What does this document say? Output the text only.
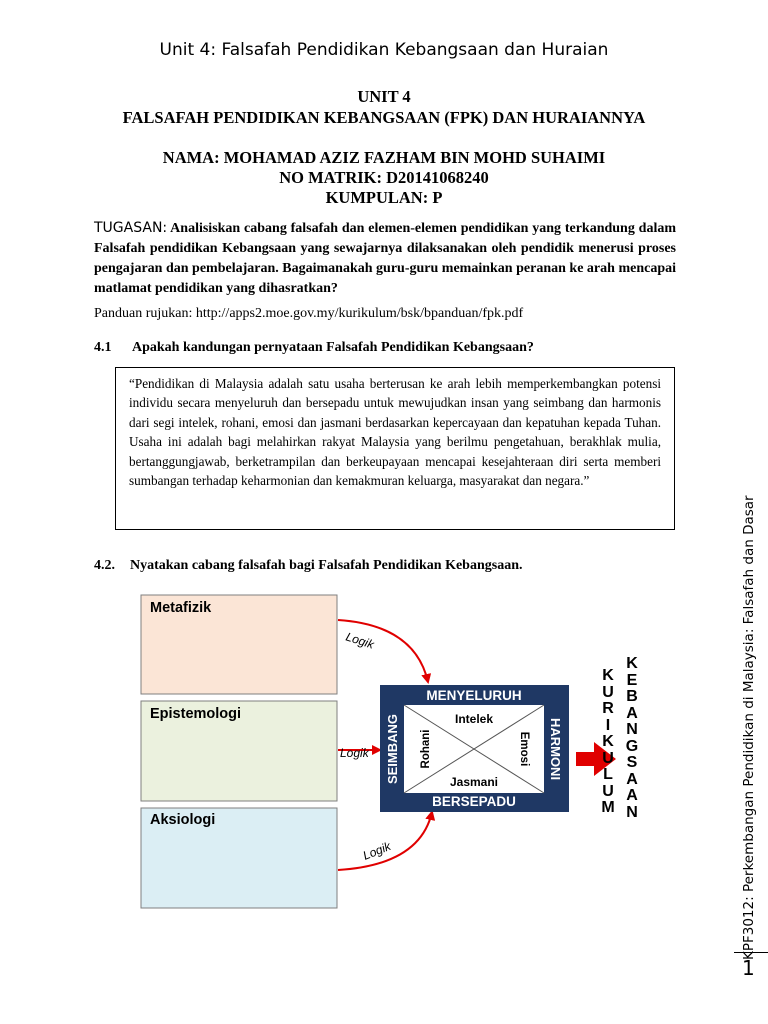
Unit 4: Falsafah Pendidikan Kebangsaan dan Huraian
UNIT 4
FALSAFAH PENDIDIKAN KEBANGSAAN (FPK) DAN HURAIANNYA
NAMA: MOHAMAD AZIZ FAZHAM BIN MOHD SUHAIMI
NO MATRIK: D20141068240
KUMPULAN: P
TUGASAN: Analisiskan cabang falsafah dan elemen-elemen pendidikan yang terkandung dalam Falsafah pendidikan Kebangsaan yang sewajarnya dilaksanakan oleh pendidik menerusi proses pengajaran dan pembelajaran. Bagaimanakah guru-guru memainkan peranan ke arah mencapai matlamat pendidikan yang dihasratkan?
Panduan rujukan: http://apps2.moe.gov.my/kurikulum/bsk/bpanduan/fpk.pdf
4.1 Apakah kandungan pernyataan Falsafah Pendidikan Kebangsaan?

“Pendidikan di Malaysia adalah satu usaha berterusan ke arah lebih memperkembangkan potensi individu secara menyeluruh dan bersepadu untuk mewujudkan insan yang seimbang dan harmonis dari segi intelek, rohani, emosi dan jasmani berdasarkan kepercayaan dan kepatuhan kepada Tuhan. Usaha ini adalah bagi melahirkan rakyat Malaysia yang berilmu pengetahuan, berakhlak mulia, bertanggungjawab, berketrampilan dan berkeupayaan mencapai kesejahteraan diri serta memberi sumbangan terhadap keharmonian dan kemakmuran keluarga, masyarakat dan negara.”

4.2. Nyatakan cabang falsafah bagi Falsafah Pendidikan Kebangsaan.
Logik
Logik
Logik
MENYELURUH
BERSEPADU
SEIMBANG	HARMONI
Intelek
Jasmani
Rohani	Emosi
Metafizik
Epistemologi
Aksiologi
K
U
R
I
K
U
L
U
M
K
E
B
A
N
G
S
A
A
N	KPF3012: Perkembangan Pendidikan di Malaysia: Falsafah dan Dasar
1
